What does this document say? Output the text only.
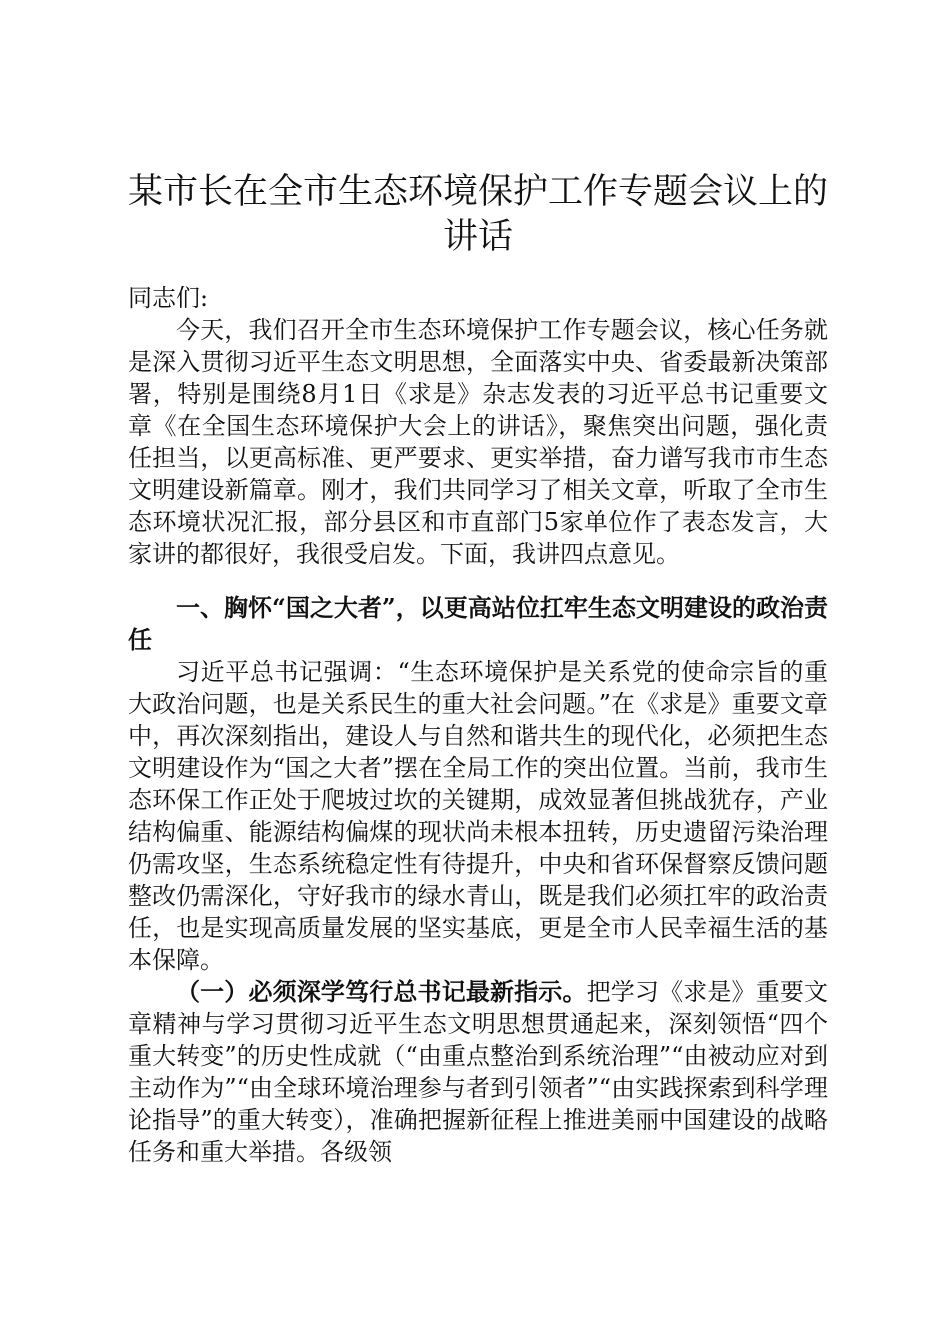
某市长在全市生态环境保护工作专题会议上的讲话
同志们:

今天，我们召开全市生态环境保护工作专题会议，核心任务就是深入贯彻习近平生态文明思想，全面落实中央、省委最新决策部署，特别是围绕8月1日《求是》杂志发表的习近平总书记重要文章《在全国生态环境保护大会上的讲话》，聚焦突出问题，强化责任担当，以更高标准、更严要求、更实举措，奋力谱写我市市生态文明建设新篇章。刚才，我们共同学习了相关文章，听取了全市生态环境状况汇报，部分县区和市直部门5家单位作了表态发言，大家讲的都很好，我很受启发。下面，我讲四点意见。

一、胸怀“国之大者”，以更高站位扛牢生态文明建设的政治责任

习近平总书记强调：“生态环境保护是关系党的使命宗旨的重大政治问题，也是关系民生的重大社会问题。”在《求是》重要文章中，再次深刻指出，建设人与自然和谐共生的现代化，必须把生态文明建设作为“国之大者”摆在全局工作的突出位置。当前，我市生态环保工作正处于爬坡过坎的关键期，成效显著但挑战犹存，产业结构偏重、能源结构偏煤的现状尚未根本扭转，历史遗留污染治理仍需攻坚，生态系统稳定性有待提升，中央和省环保督察反馈问题整改仍需深化，守好我市的绿水青山，既是我们必须扛牢的政治责任，也是实现高质量发展的坚实基底，更是全市人民幸福生活的基本保障。

（一）必须深学笃行总书记最新指示。把学习《求是》重要文章精神与学习贯彻习近平生态文明思想贯通起来，深刻领悟“四个重大转变”的历史性成就（“由重点整治到系统治理”“由被动应对到主动作为”“由全球环境治理参与者到引领者”“由实践探索到科学理论指导”的重大转变），准确把握新征程上推进美丽中国建设的战略任务和重大举措。各级领
